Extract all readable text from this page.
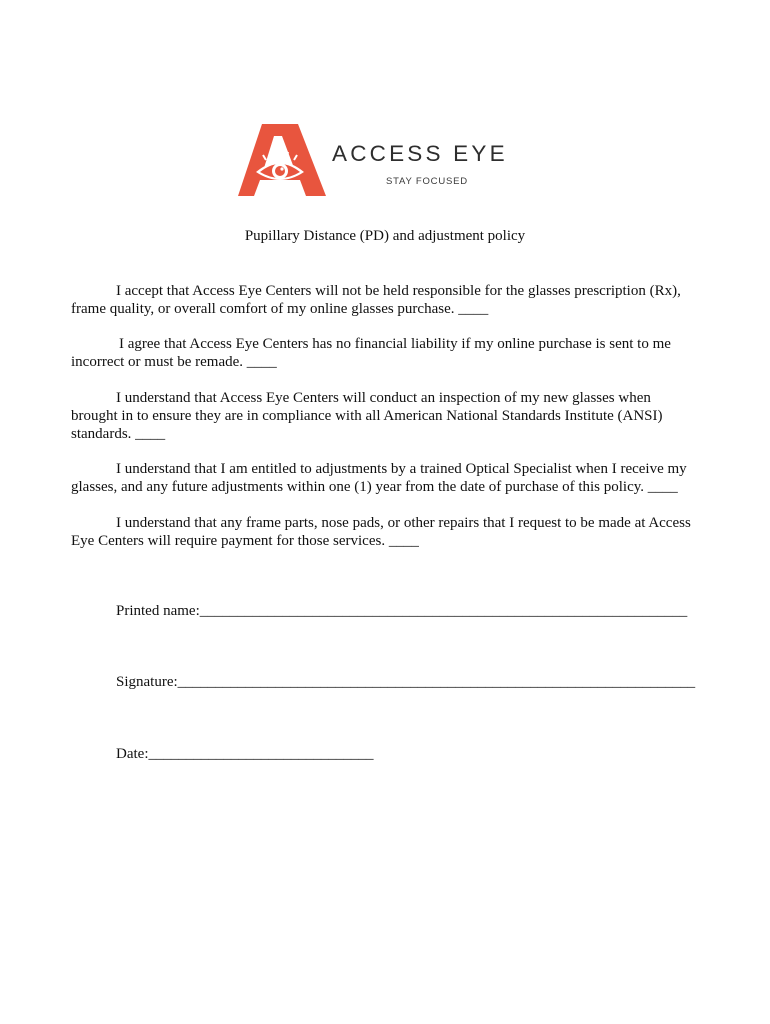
ACCESS EYE
STAY FOCUSED
Pupillary Distance (PD) and adjustment policy

I accept that Access Eye Centers will not be held responsible for the glasses prescription (Rx), frame quality, or overall comfort of my online glasses purchase. ____

I agree that Access Eye Centers has no financial liability if my online purchase is sent to me incorrect or must be remade. ____

I understand that Access Eye Centers will conduct an inspection of my new glasses when brought in to ensure they are in compliance with all American National Standards Institute (ANSI) standards. ____

I understand that I am entitled to adjustments by a trained Optical Specialist when I receive my glasses, and any future adjustments within one (1) year from the date of purchase of this policy. ____

I understand that any frame parts, nose pads, or other repairs that I request to be made at Access Eye Centers will require payment for those services. ____

Printed name:_________________________________________________________________
Signature:_____________________________________________________________________
Date:______________________________
